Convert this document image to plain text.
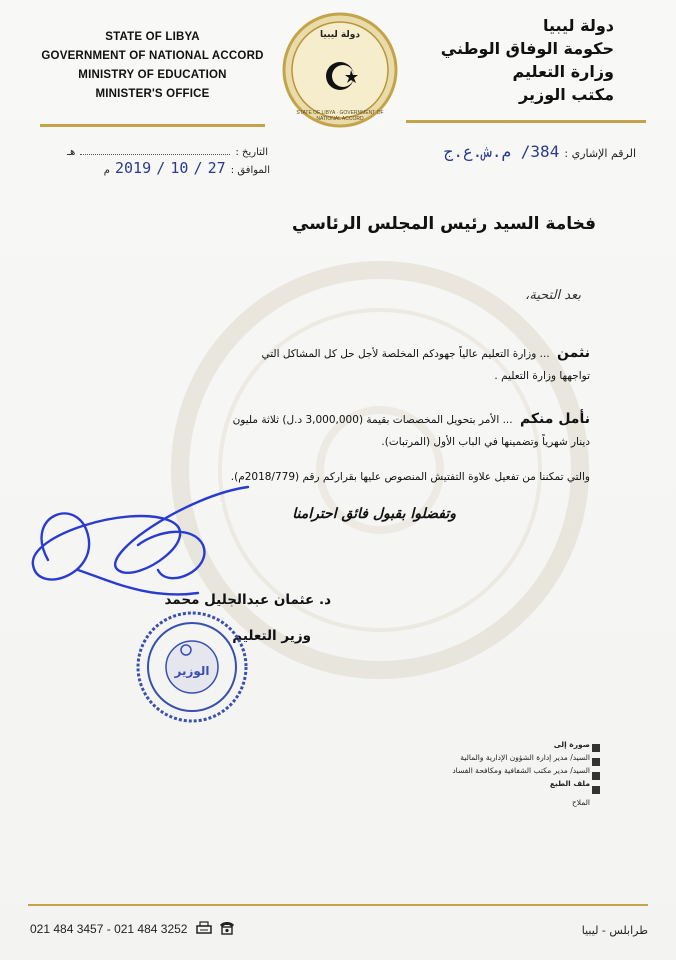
STATE OF LIBYA
GOVERNMENT OF NATIONAL ACCORD
MINISTRY OF EDUCATION
MINISTER'S OFFICE
دولة ليبيا
STATE OF LIBYA · GOVERNMENT OF NATIONAL ACCORD
دولة ليبيا
حكومة الوفاق الوطني
وزارة التعليم
مكتب الوزير
التاريخ :  هـ
الموافق : 27 / 10 / 2019 م
الرقم الإشاري : 384/ م.ش.ع.ج
فخامة السيد رئيس المجلس الرئاسي
بعد التحية،
نثمن ... وزارة التعليم عالياً جهودكم المخلصة لأجل حل كل المشاكل التي
تواجهها وزارة التعليم .
نأمل منكم ... الأمر بتحويل المخصصات بقيمة (3,000,000 د.ل) ثلاثة مليون
دينار شهرياً وتضمينها في الباب الأول (المرتبات).
والتي تمكننا من تفعيل علاوة التفتيش المنصوص عليها بقراركم رقم (2018/779م).
وتفضلوا بقبول فائق احترامنا
د. عثمان عبدالجليل محمد
وزير التعليم
الوزير
صورة إلى
السيد/ مدير إدارة الشؤون الإدارية والمالية
السيد/ مدير مكتب الشفافية ومكافحة الفساد
ملف الطبع
الملاح
021 484 3457 - 021 484 3252	طرابلس - ليبيا
